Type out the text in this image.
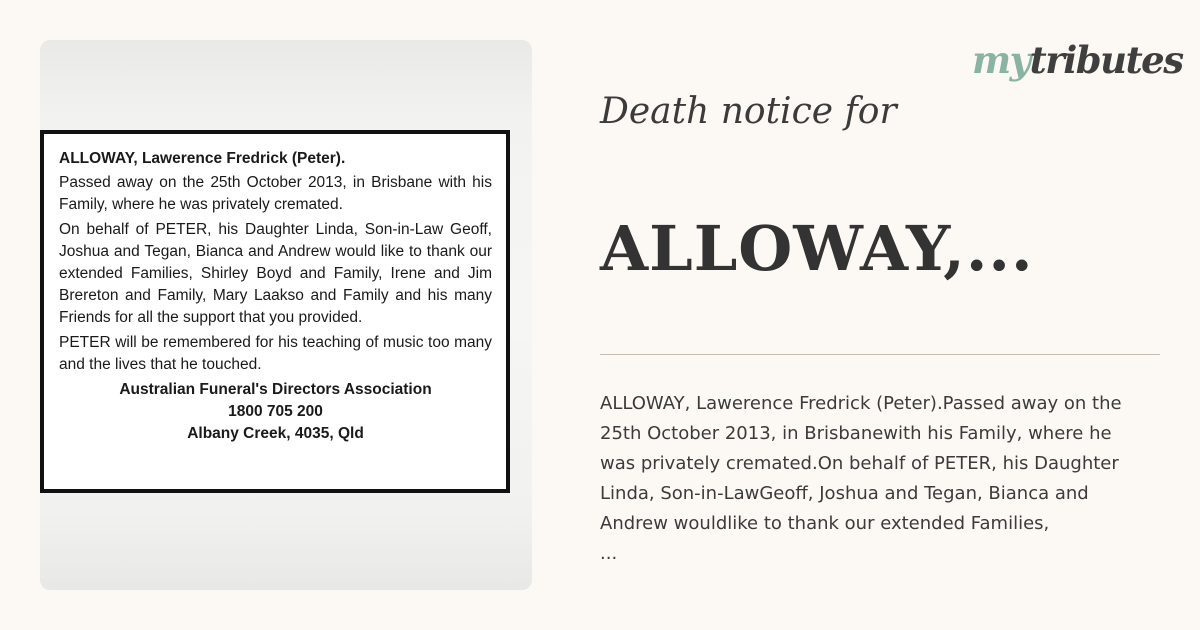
ALLOWAY, Lawerence Fredrick (Peter).

Passed away on the 25th October 2013, in Brisbane with his Family, where he was privately cremated.

On behalf of PETER, his Daughter Linda, Son-in-Law Geoff, Joshua and Tegan, Bianca and Andrew would like to thank our extended Families, Shirley Boyd and Family, Irene and Jim Brereton and Family, Mary Laakso and Family and his many Friends for all the support that you provided.

PETER will be remembered for his teaching of music too many and the lives that he touched.

Australian Funeral's Directors Association
1800 705 200
Albany Creek, 4035, Qld
mytributes
Death notice for
ALLOWAY,...
ALLOWAY, Lawerence Fredrick (Peter).Passed away on the
25th October 2013, in Brisbanewith his Family, where he
was privately cremated.On behalf of PETER, his Daughter
Linda, Son-in-LawGeoff, Joshua and Tegan, Bianca and
Andrew wouldlike to thank our extended Families,
...
